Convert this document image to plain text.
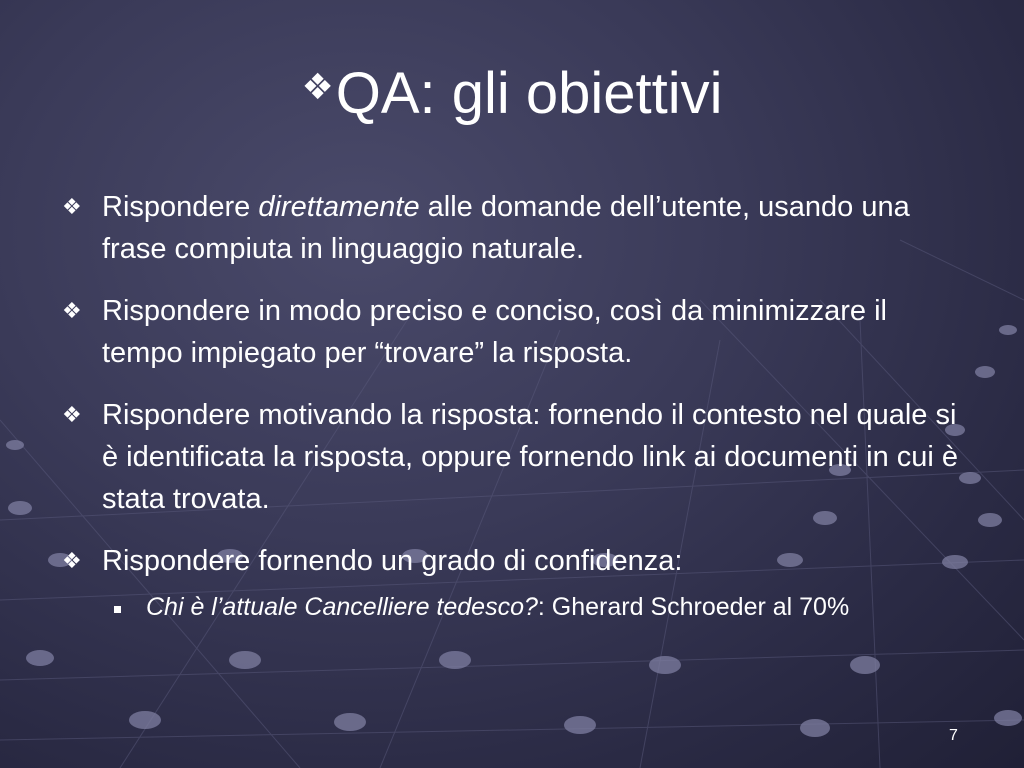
❖QA: gli obiettivi
❖ Rispondere direttamente alle domande dell’utente, usando una frase compiuta in linguaggio naturale.
❖ Rispondere in modo preciso e conciso, così da minimizzare il tempo impiegato per “trovare” la risposta.
❖ Rispondere motivando la risposta: fornendo il contesto nel quale si è identificata la risposta, oppure fornendo link ai documenti in cui è stata trovata.
❖ Rispondere fornendo un grado di confidenza:
Chi è l’attuale Cancelliere tedesco?: Gherard Schroeder al 70%
7
